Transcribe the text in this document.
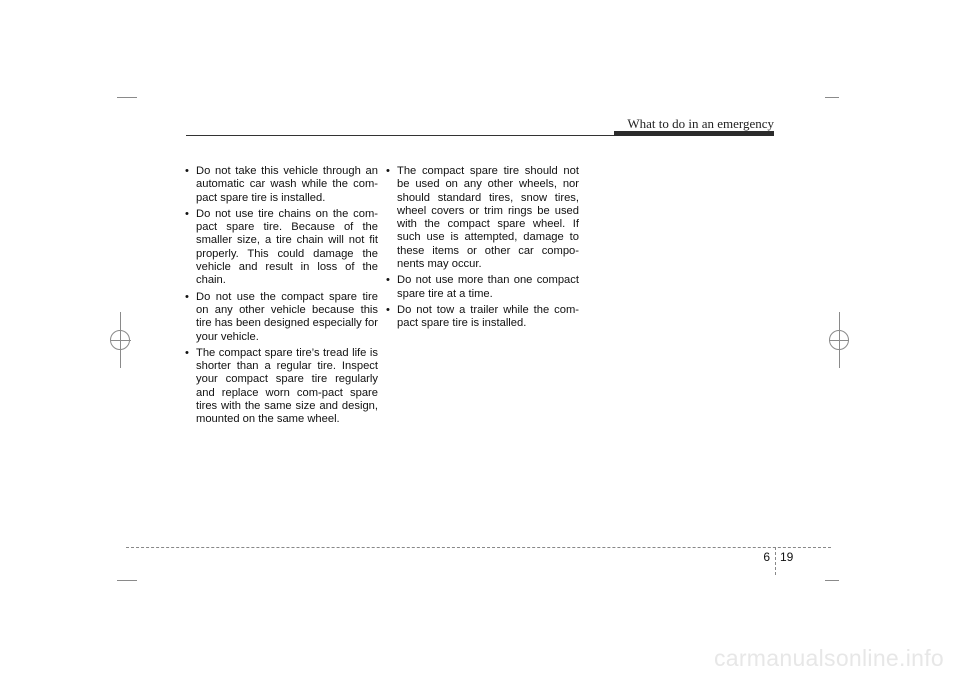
What to do in an emergency
• Do not take this vehicle through an automatic car wash while the com-pact spare tire is installed.
• Do not use tire chains on the com-pact spare tire. Because of the smaller size, a tire chain will not fit properly. This could damage the vehicle and result in loss of the chain.
• Do not use the compact spare tire on any other vehicle because this tire has been designed especially for your vehicle.
• The compact spare tire’s tread life is shorter than a regular tire. Inspect your compact spare tire regularly and replace worn com-pact spare tires with the same size and design, mounted on the same wheel.
• The compact spare tire should not be used on any other wheels, nor should standard tires, snow tires, wheel covers or trim rings be used with the compact spare wheel. If such use is attempted, damage to these items or other car compo-nents may occur.
• Do not use more than one compact spare tire at a time.
• Do not tow a trailer while the com-pact spare tire is installed.
6 19
carmanualsonline.info
